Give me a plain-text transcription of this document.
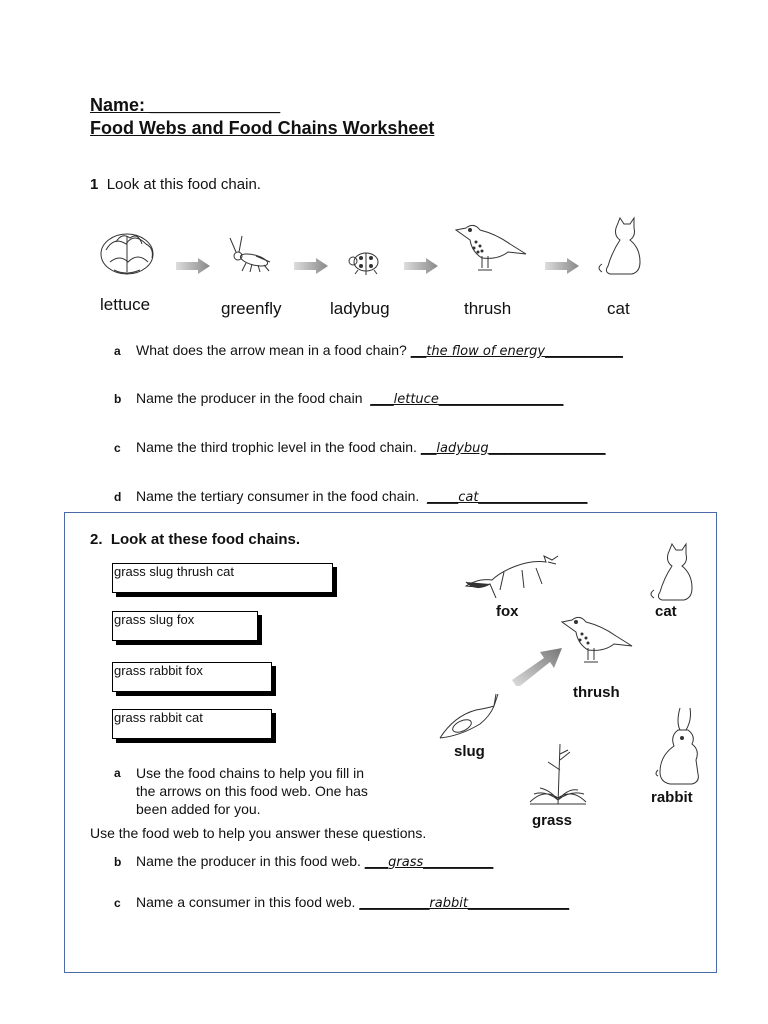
Name: _____________
Food Webs and Food Chains Worksheet
1 Look at this food chain.
lettuce	greenfly	ladybug	thrush	cat
a What does the arrow mean in a food chain? __the flow of energy__________
b Name the producer in the food chain ___lettuce________________
c Name the third trophic level in the food chain. __ladybug_______________
d Name the tertiary consumer in the food chain. ____cat______________
2. Look at these food chains.
grass slug thrush cat
grass slug fox
grass rabbit fox
grass rabbit cat
fox	cat
thrush
slug
rabbit
grass
a	Use the food chains to help you fill in
the arrows on this food web. One has
been added for you.
Use the food web to help you answer these questions.
b Name the producer in this food web. ___grass_________
c Name a consumer in this food web. _________rabbit_____________
